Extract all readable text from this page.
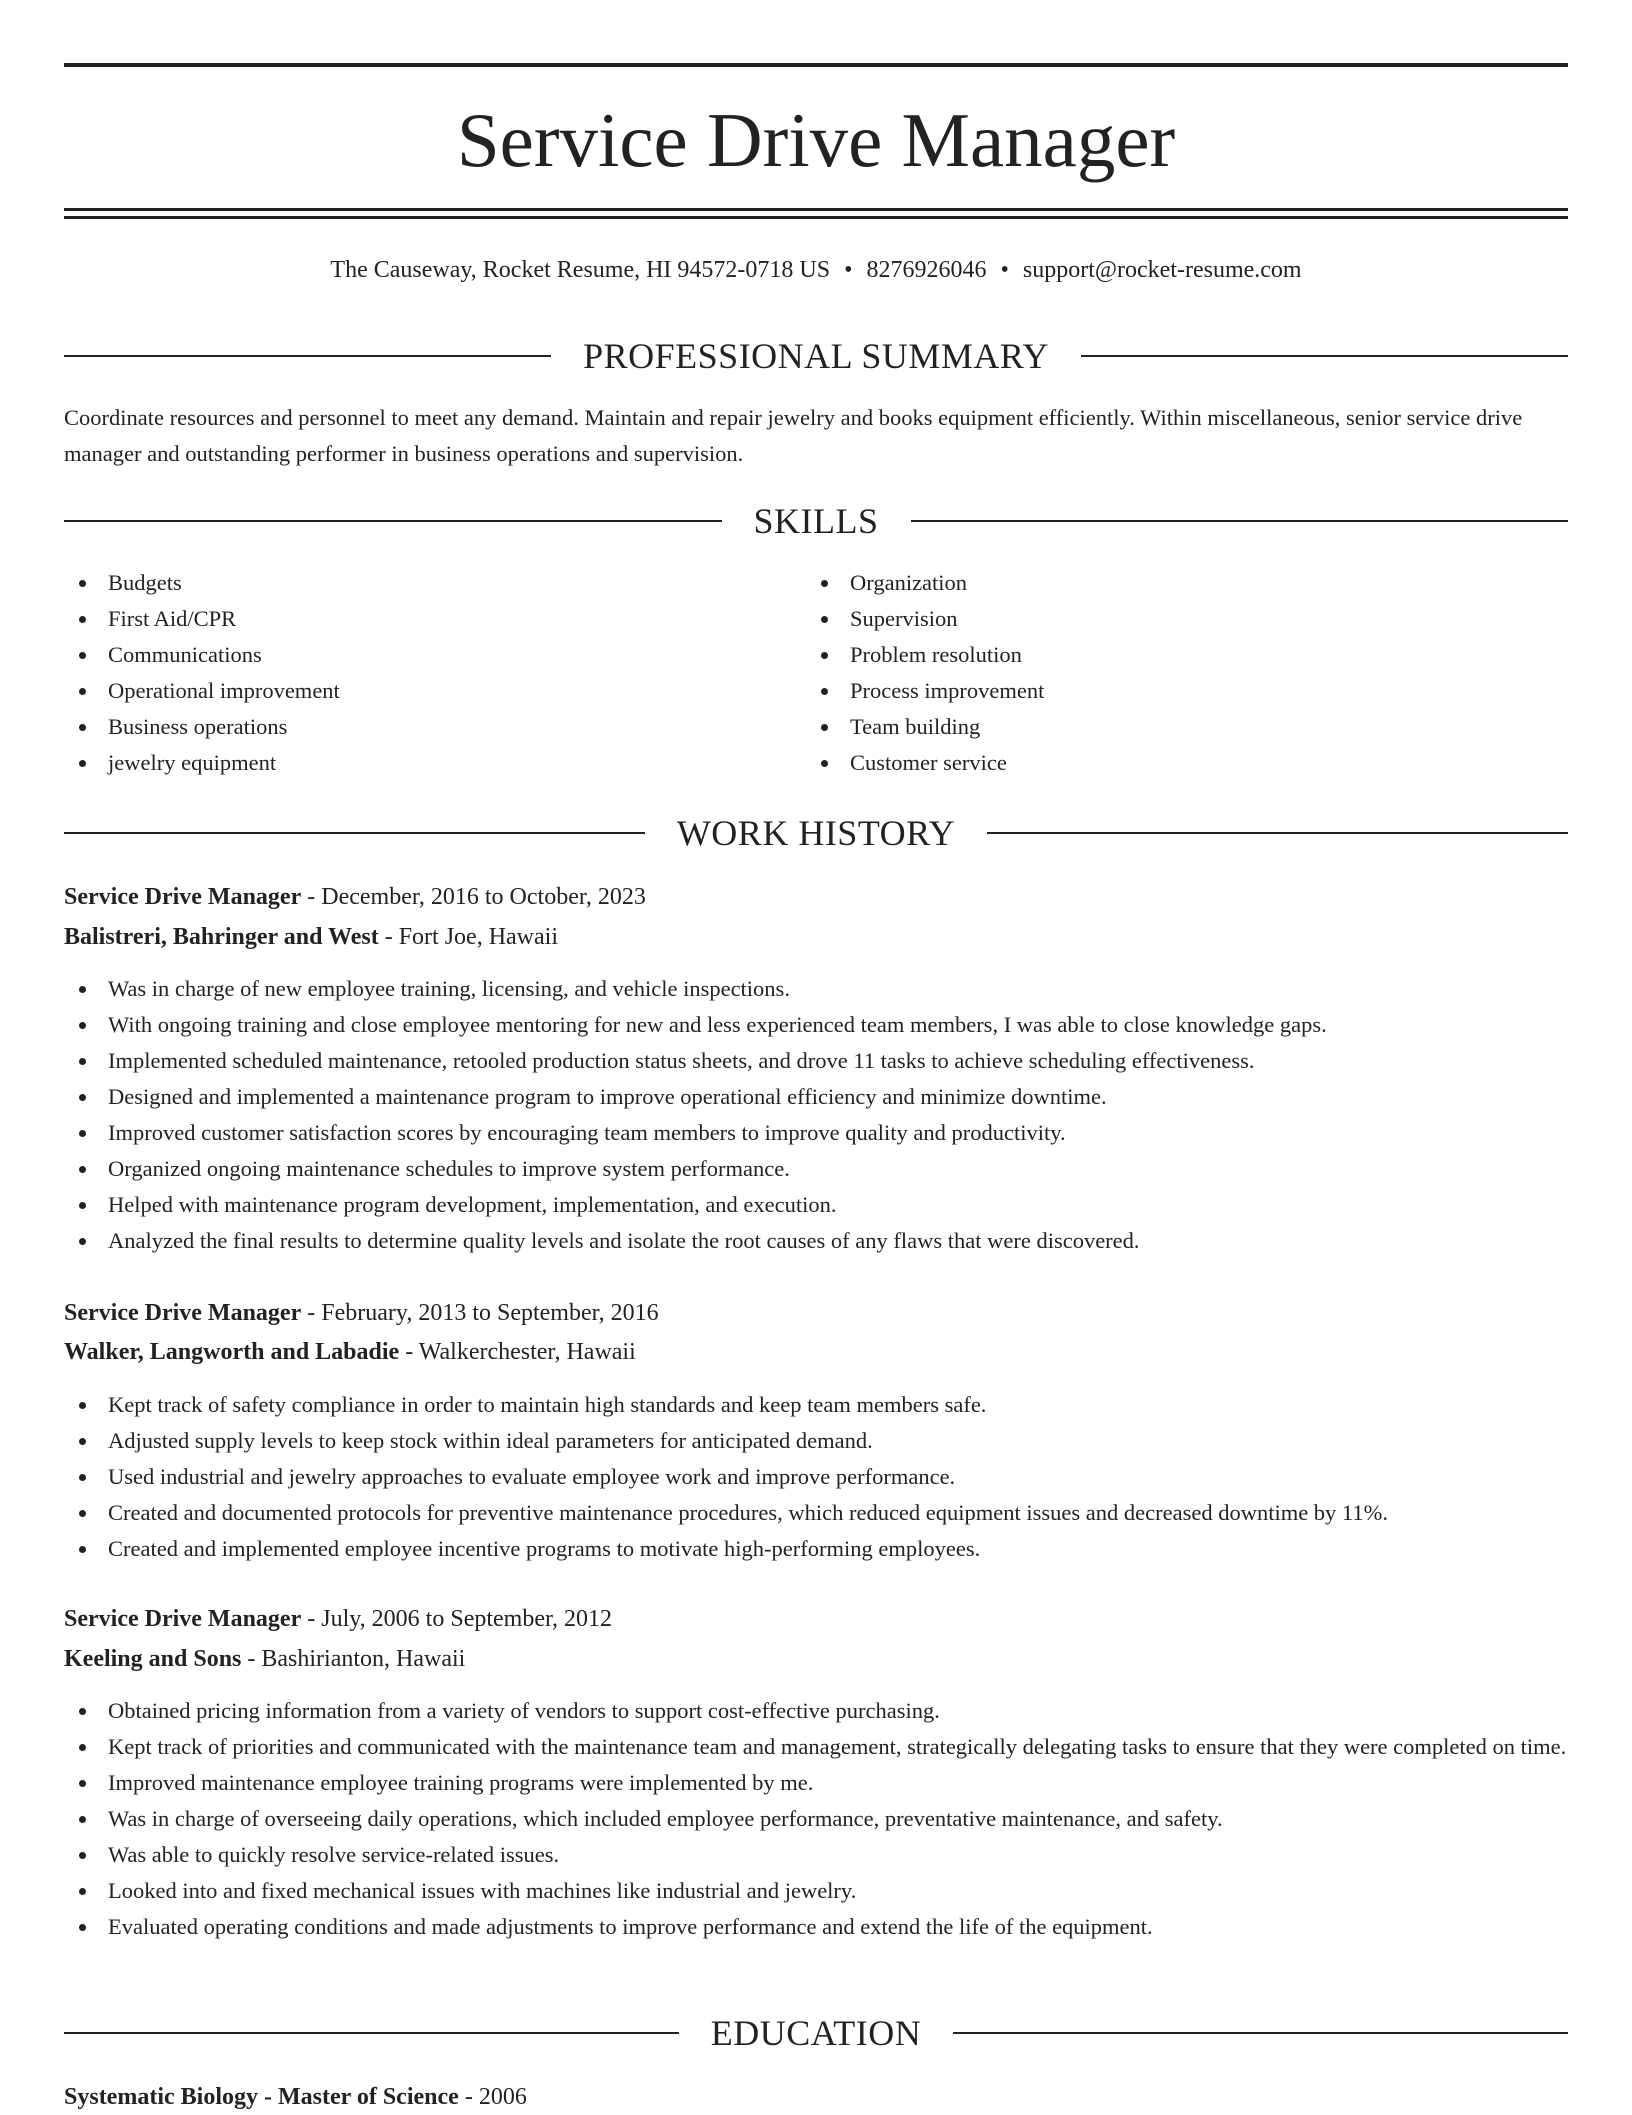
Service Drive Manager
The Causeway, Rocket Resume, HI 94572-0718 US • 8276926046 • support@rocket-resume.com
PROFESSIONAL SUMMARY

Coordinate resources and personnel to meet any demand. Maintain and repair jewelry and books equipment efficiently. Within miscellaneous, senior service drive manager and outstanding performer in business operations and supervision.

SKILLS
Budgets
First Aid/CPR
Communications
Operational improvement
Business operations
jewelry equipment
Organization
Supervision
Problem resolution
Process improvement
Team building
Customer service
WORK HISTORY
Service Drive Manager - December, 2016 to October, 2023
Balistreri, Bahringer and West - Fort Joe, Hawaii
Was in charge of new employee training, licensing, and vehicle inspections.
With ongoing training and close employee mentoring for new and less experienced team members, I was able to close knowledge gaps.
Implemented scheduled maintenance, retooled production status sheets, and drove 11 tasks to achieve scheduling effectiveness.
Designed and implemented a maintenance program to improve operational efficiency and minimize downtime.
Improved customer satisfaction scores by encouraging team members to improve quality and productivity.
Organized ongoing maintenance schedules to improve system performance.
Helped with maintenance program development, implementation, and execution.
Analyzed the final results to determine quality levels and isolate the root causes of any flaws that were discovered.
Service Drive Manager - February, 2013 to September, 2016
Walker, Langworth and Labadie - Walkerchester, Hawaii
Kept track of safety compliance in order to maintain high standards and keep team members safe.
Adjusted supply levels to keep stock within ideal parameters for anticipated demand.
Used industrial and jewelry approaches to evaluate employee work and improve performance.
Created and documented protocols for preventive maintenance procedures, which reduced equipment issues and decreased downtime by 11%.
Created and implemented employee incentive programs to motivate high-performing employees.
Service Drive Manager - July, 2006 to September, 2012
Keeling and Sons - Bashirianton, Hawaii
Obtained pricing information from a variety of vendors to support cost-effective purchasing.
Kept track of priorities and communicated with the maintenance team and management, strategically delegating tasks to ensure that they were completed on time.
Improved maintenance employee training programs were implemented by me.
Was in charge of overseeing daily operations, which included employee performance, preventative maintenance, and safety.
Was able to quickly resolve service-related issues.
Looked into and fixed mechanical issues with machines like industrial and jewelry.
Evaluated operating conditions and made adjustments to improve performance and extend the life of the equipment.
EDUCATION
Systematic Biology - Master of Science - 2006
